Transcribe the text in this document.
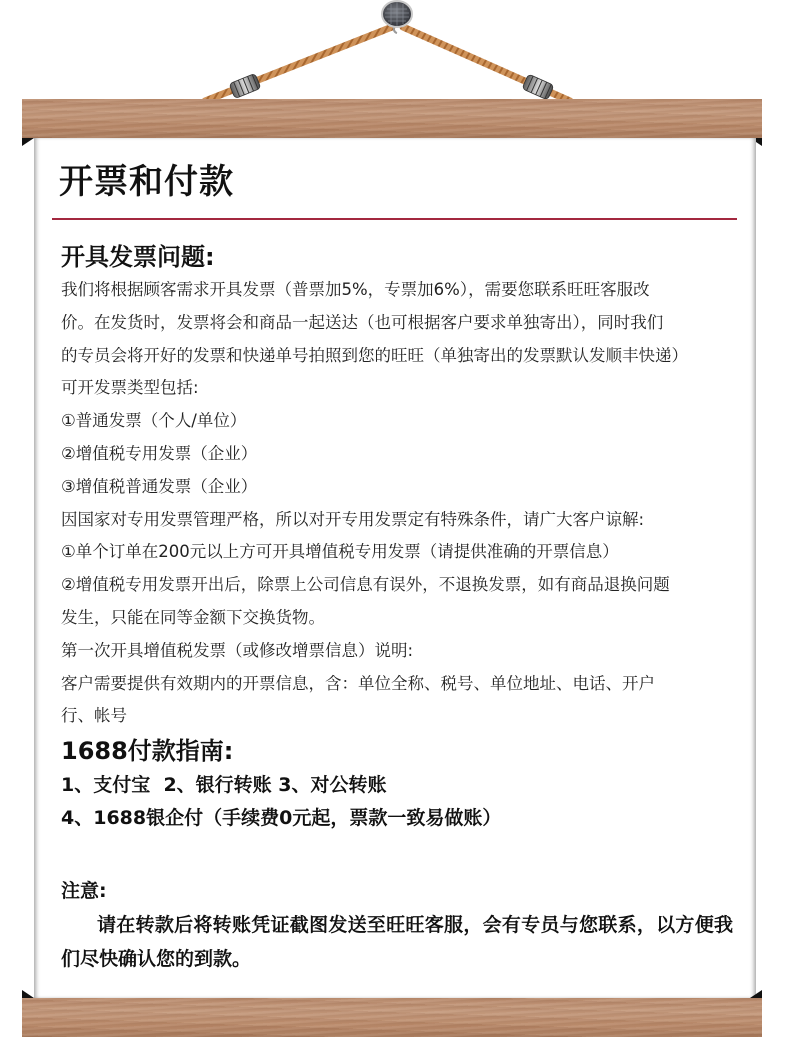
开票和付款
开具发票问题:

我们将根据顾客需求开具发票（普票加5%，专票加6%），需要您联系旺旺客服改

价。在发货时，发票将会和商品一起送达（也可根据客户要求单独寄出），同时我们

的专员会将开好的发票和快递单号拍照到您的旺旺（单独寄出的发票默认发顺丰快递）

可开发票类型包括:

①普通发票（个人/单位）

②增值税专用发票（企业）

③增值税普通发票（企业）

因国家对专用发票管理严格，所以对开专用发票定有特殊条件，请广大客户谅解:

①单个订单在200元以上方可开具增值税专用发票（请提供准确的开票信息）

②增值税专用发票开出后，除票上公司信息有误外，不退换发票，如有商品退换问题

发生，只能在同等金额下交换货物。

第一次开具增值税发票（或修改增票信息）说明:

客户需要提供有效期内的开票信息，含：单位全称、税号、单位地址、电话、开户

行、帐号

1688付款指南:

1、支付宝  2、银行转账 3、对公转账

4、1688银企付（手续费0元起，票款一致易做账）

注意:

请在转款后将转账凭证截图发送至旺旺客服，会有专员与您联系，以方便我们尽快确认您的到款。
